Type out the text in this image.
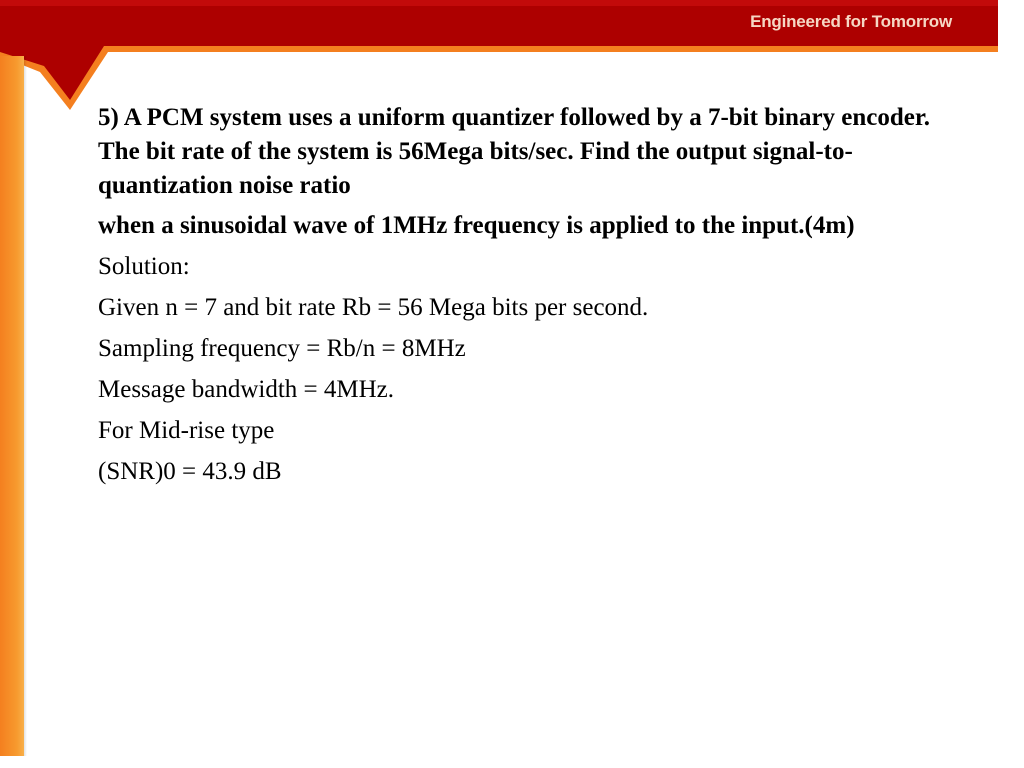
Engineered for Tomorrow

5) A PCM system uses a uniform quantizer followed by a 7-bit binary encoder. The bit rate of the system is 56Mega bits/sec. Find the output signal-to-quantization noise ratio

when a sinusoidal wave of 1MHz frequency is applied to the input.(4m)

Solution:

Given n = 7 and bit rate Rb = 56 Mega bits per second.

Sampling frequency = Rb/n = 8MHz

Message bandwidth = 4MHz.

For Mid-rise type

(SNR)0 = 43.9 dB
